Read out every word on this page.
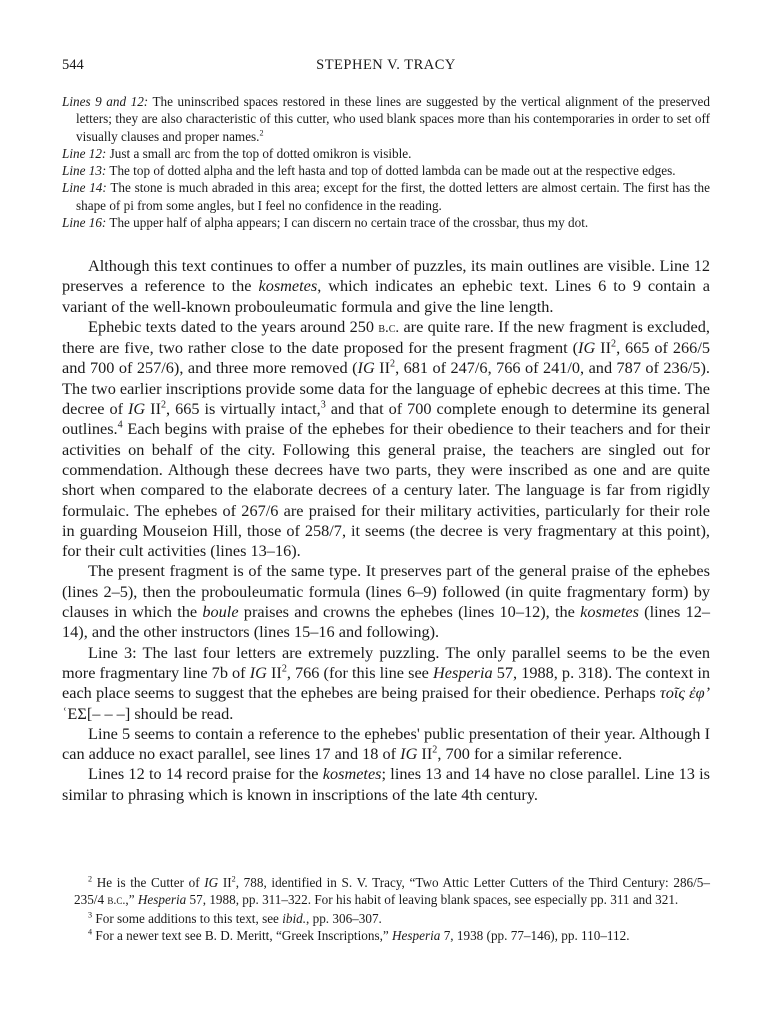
544	STEPHEN V. TRACY

Lines 9 and 12: The uninscribed spaces restored in these lines are suggested by the vertical alignment of the preserved letters; they are also characteristic of this cutter, who used blank spaces more than his contemporaries in order to set off visually clauses and proper names.$^2$

Line 12: Just a small arc from the top of dotted omikron is visible.

Line 13: The top of dotted alpha and the left hasta and top of dotted lambda can be made out at the respective edges.

Line 14: The stone is much abraded in this area; except for the first, the dotted letters are almost certain. The first has the shape of pi from some angles, but I feel no confidence in the reading.

Line 16: The upper half of alpha appears; I can discern no certain trace of the crossbar, thus my dot.

Although this text continues to offer a number of puzzles, its main outlines are visible. Line 12 preserves a reference to the kosmetes, which indicates an ephebic text. Lines 6 to 9 contain a variant of the well-known probouleumatic formula and give the line length.

Ephebic texts dated to the years around 250 b.c. are quite rare. If the new fragment is excluded, there are five, two rather close to the date proposed for the present fragment (IG $II^2$, 665 of 266/5 and 700 of 257/6), and three more removed (IG $II^2$, 681 of 247/6, 766 of 241/0, and 787 of 236/5). The two earlier inscriptions provide some data for the language of ephebic decrees at this time. The decree of IG $II^2$, 665 is virtually intact,$^3$ and that of 700 complete enough to determine its general outlines.$^4$ Each begins with praise of the ephebes for their obedience to their teachers and for their activities on behalf of the city. Following this general praise, the teachers are singled out for commendation. Although these decrees have two parts, they were inscribed as one and are quite short when compared to the elaborate decrees of a century later. The language is far from rigidly formulaic. The ephebes of 267/6 are praised for their military activities, particularly for their role in guarding Mouseion Hill, those of 258/7, it seems (the decree is very fragmentary at this point), for their cult activities (lines 13–16).

The present fragment is of the same type. It preserves part of the general praise of the ephebes (lines 2–5), then the probouleumatic formula (lines 6–9) followed (in quite fragmentary form) by clauses in which the boule praises and crowns the ephebes (lines 10–12), the kosmetes (lines 12–14), and the other instructors (lines 15–16 and following).

Line 3: The last four letters are extremely puzzling. The only parallel seems to be the even more fragmentary line 7b of IG $II^2$, 766 (for this line see Hesperia 57, 1988, p. 318). The context in each place seems to suggest that the ephebes are being praised for their obedience. Perhaps τοῖς ἐφ’ ʿΕΣ[– – –] should be read.

Line 5 seems to contain a reference to the ephebes' public presentation of their year. Although I can adduce no exact parallel, see lines 17 and 18 of IG $II^2$, 700 for a similar reference.

Lines 12 to 14 record praise for the kosmetes; lines 13 and 14 have no close parallel. Line 13 is similar to phrasing which is known in inscriptions of the late 4th century.

$^2$ He is the Cutter of IG $II^2$, 788, identified in S. V. Tracy, “Two Attic Letter Cutters of the Third Century: 286/5–235/4 b.c.,” Hesperia 57, 1988, pp. 311–322. For his habit of leaving blank spaces, see especially pp. 311 and 321.

$^3$ For some additions to this text, see ibid., pp. 306–307.

$^4$ For a newer text see B. D. Meritt, “Greek Inscriptions,” Hesperia 7, 1938 (pp. 77–146), pp. 110–112.
